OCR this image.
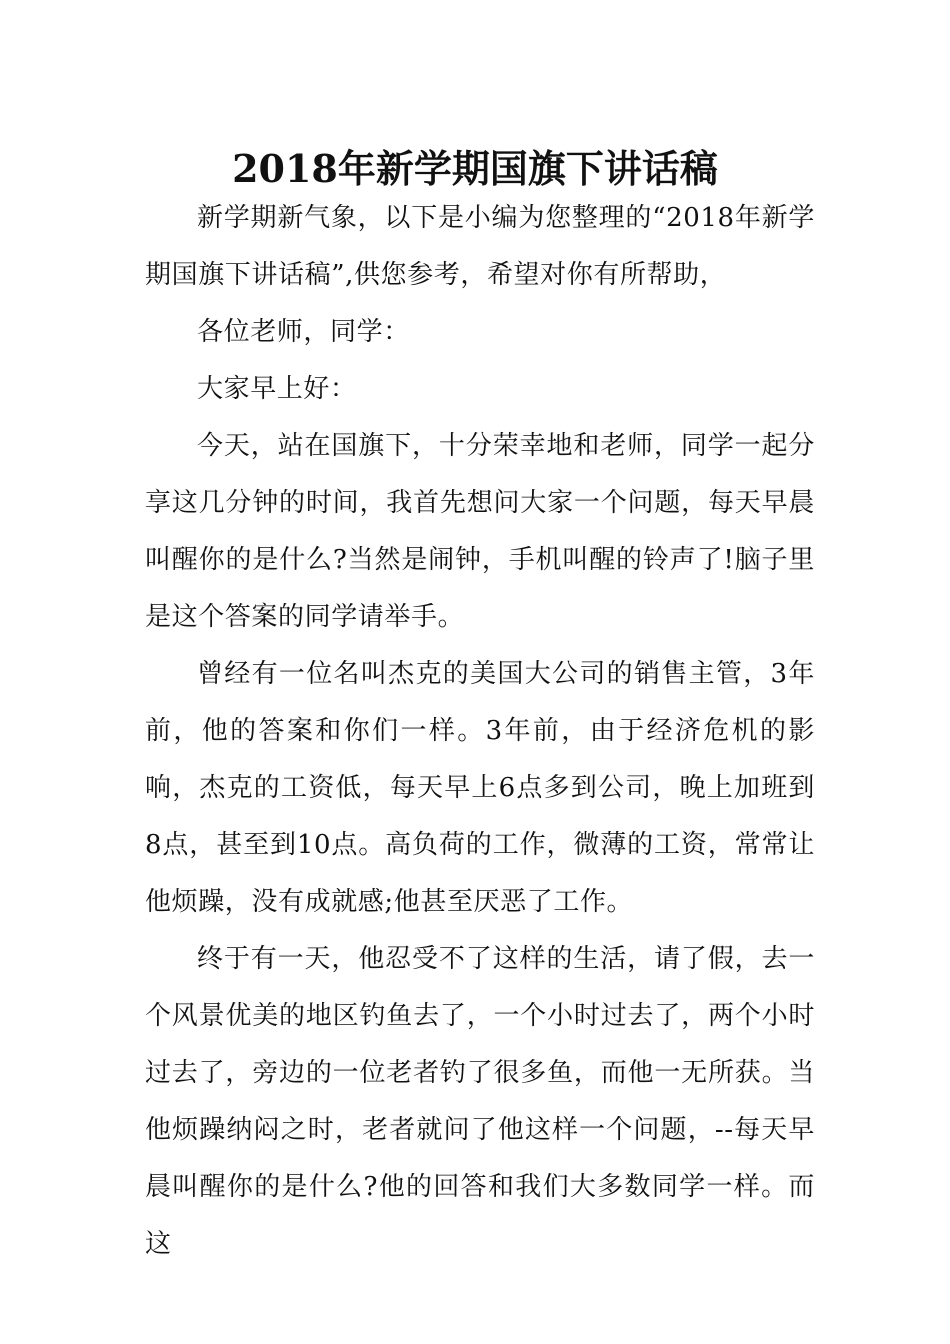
2018年新学期国旗下讲话稿

新学期新气象，以下是小编为您整理的“2018年新学期国旗下讲话稿”,供您参考，希望对你有所帮助，

各位老师，同学：

大家早上好：

今天，站在国旗下，十分荣幸地和老师，同学一起分享这几分钟的时间，我首先想问大家一个问题，每天早晨叫醒你的是什么?当然是闹钟，手机叫醒的铃声了!脑子里是这个答案的同学请举手。

曾经有一位名叫杰克的美国大公司的销售主管，3年前，他的答案和你们一样。3年前，由于经济危机的影响，杰克的工资低，每天早上6点多到公司，晚上加班到8点，甚至到10点。高负荷的工作，微薄的工资，常常让他烦躁，没有成就感;他甚至厌恶了工作。

终于有一天，他忍受不了这样的生活，请了假，去一个风景优美的地区钓鱼去了，一个小时过去了，两个小时过去了，旁边的一位老者钓了很多鱼，而他一无所获。当他烦躁纳闷之时，老者就问了他这样一个问题，--每天早晨叫醒你的是什么?他的回答和我们大多数同学一样。而这
